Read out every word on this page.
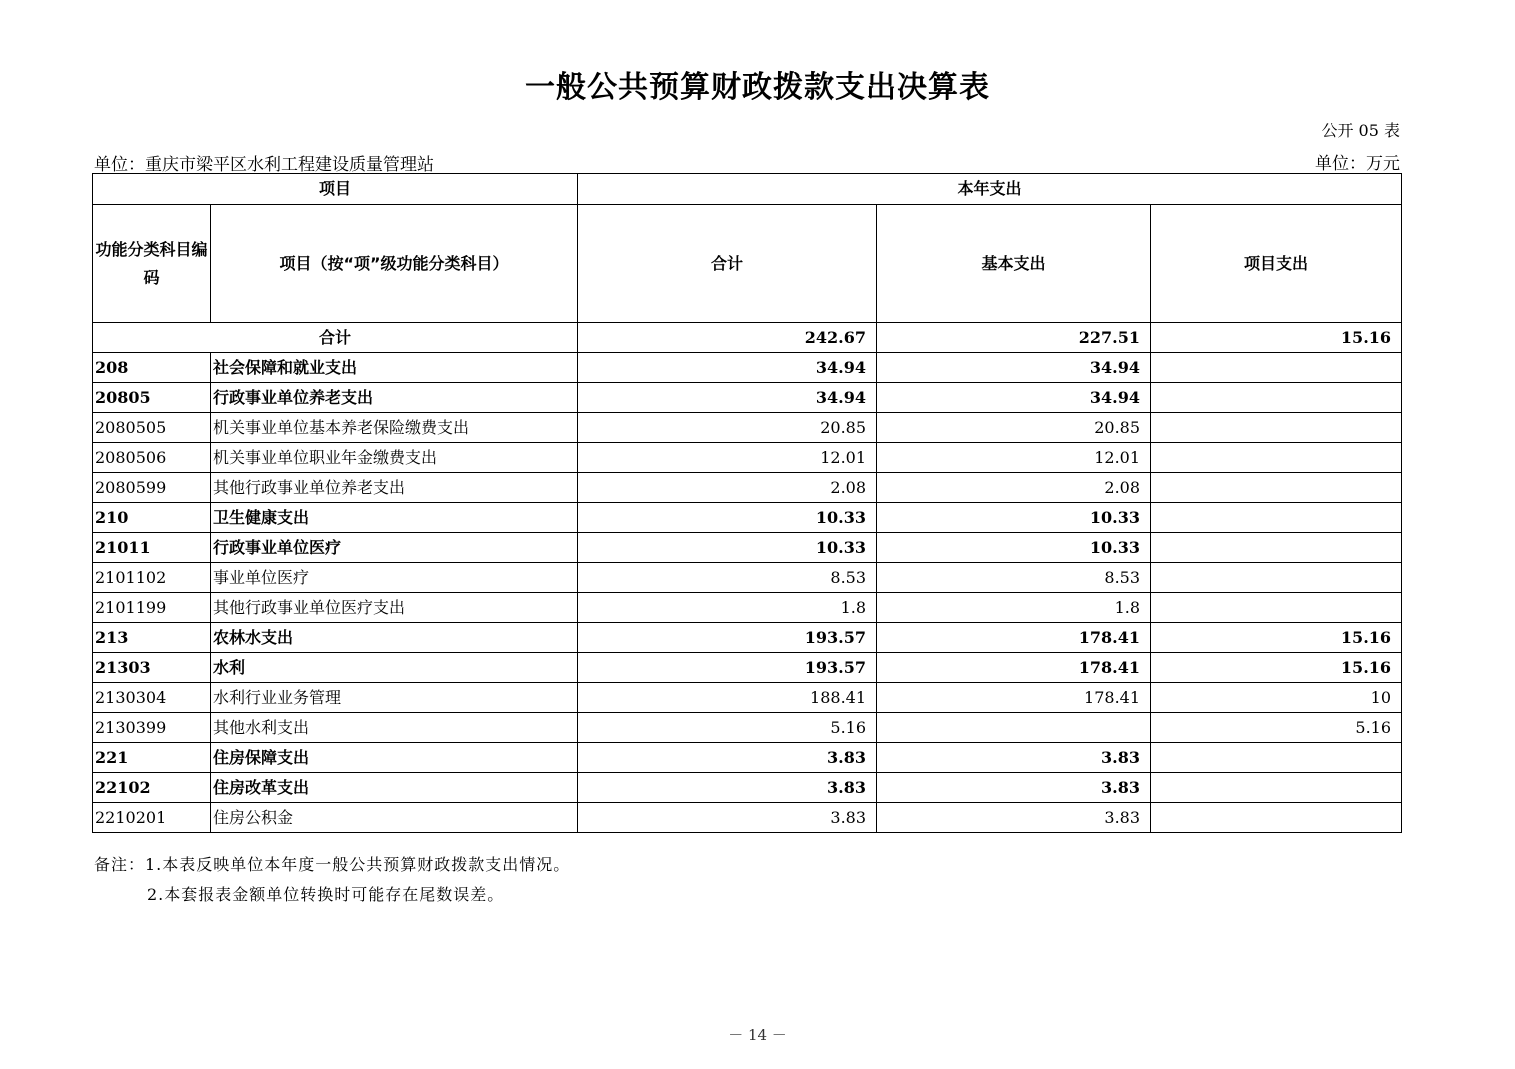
一般公共预算财政拨款支出决算表
公开 05 表
单位：重庆市梁平区水利工程建设质量管理站	单位：万元
项目		本年支出		
功能分类科目编码	项目（按“项”级功能分类科目）	合计	基本支出	项目支出
合计		242.67	227.51	15.16
208	社会保障和就业支出	34.94	34.94	
20805	行政事业单位养老支出	34.94	34.94	
2080505	机关事业单位基本养老保险缴费支出	20.85	20.85	
2080506	机关事业单位职业年金缴费支出	12.01	12.01	
2080599	其他行政事业单位养老支出	2.08	2.08	
210	卫生健康支出	10.33	10.33	
21011	行政事业单位医疗	10.33	10.33	
2101102	事业单位医疗	8.53	8.53	
2101199	其他行政事业单位医疗支出	1.8	1.8	
213	农林水支出	193.57	178.41	15.16
21303	水利	193.57	178.41	15.16
2130304	水利行业业务管理	188.41	178.41	10
2130399	其他水利支出	5.16		5.16
221	住房保障支出	3.83	3.83	
22102	住房改革支出	3.83	3.83	
2210201	住房公积金	3.83	3.83	
备注：1.本表反映单位本年度一般公共预算财政拨款支出情况。
2.本套报表金额单位转换时可能存在尾数误差。
－ 14 －
